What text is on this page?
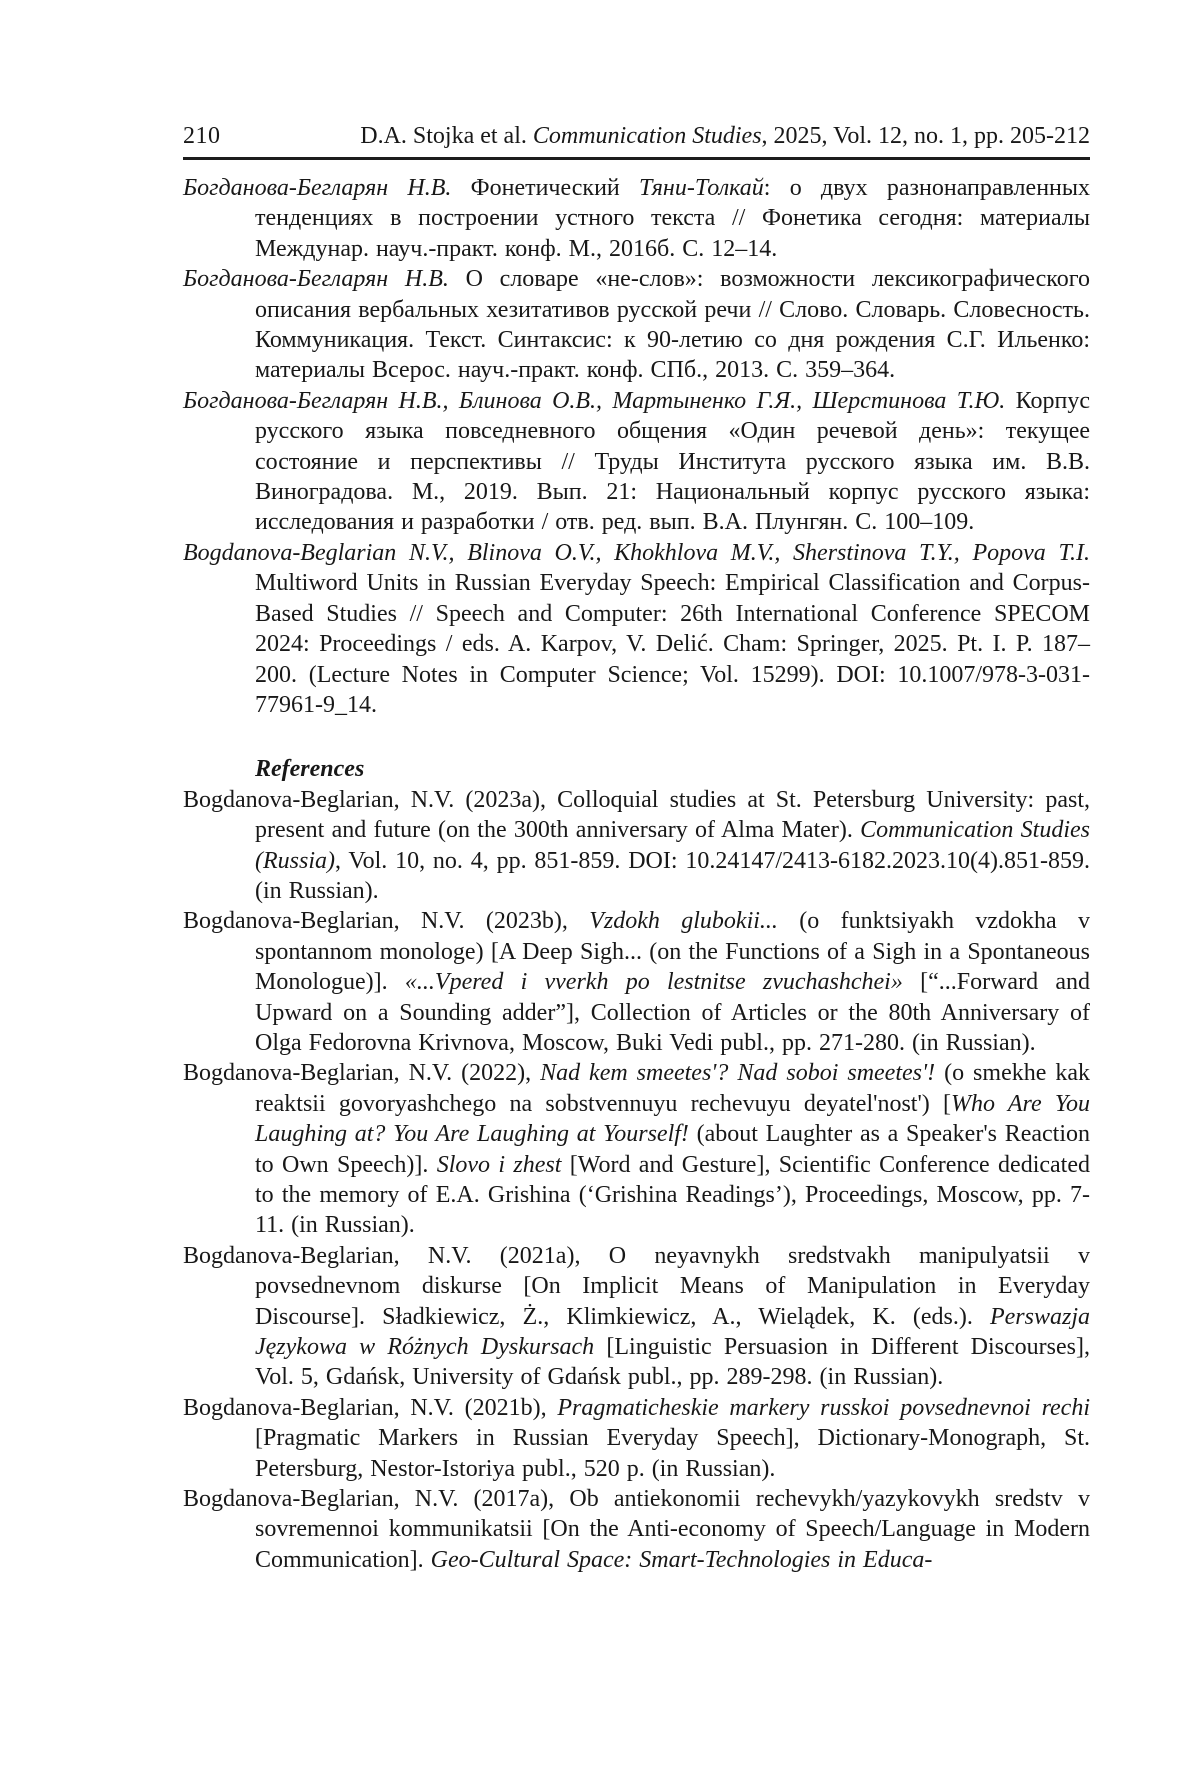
210	D.A. Stojka et al. Communication Studies, 2025, Vol. 12, no. 1, pp. 205-212

Богданова-Бегларян Н.В. Фонетический Тяни-Толкай: о двух разнонаправленных тенденциях в построении устного текста // Фонетика сегодня: материалы Междунар. науч.-практ. конф. М., 2016б. С. 12–14.

Богданова-Бегларян Н.В. О словаре «не-слов»: возможности лексикографического описания вербальных хезитативов русской речи // Слово. Словарь. Словесность. Коммуникация. Текст. Синтаксис: к 90-летию со дня рождения С.Г. Ильенко: материалы Всерос. науч.-практ. конф. СПб., 2013. С. 359–364.

Богданова-Бегларян Н.В., Блинова О.В., Мартыненко Г.Я., Шерстинова Т.Ю. Корпус русского языка повседневного общения «Один речевой день»: текущее состояние и перспективы // Труды Института русского языка им. В.В. Виноградова. М., 2019. Вып. 21: Национальный корпус русского языка: исследования и разработки / отв. ред. вып. В.А. Плунгян. С. 100–109.

Bogdanova-Beglarian N.V., Blinova O.V., Khokhlova M.V., Sherstinova T.Y., Popova T.I. Multiword Units in Russian Everyday Speech: Empirical Classification and Corpus-Based Studies // Speech and Computer: 26th International Conference SPECOM 2024: Proceedings / eds. A. Karpov, V. Delić. Cham: Springer, 2025. Pt. I. P. 187–200. (Lecture Notes in Computer Science; Vol. 15299). DOI: 10.1007/978-3-031-77961-9_14.

References

Bogdanova-Beglarian, N.V. (2023a), Colloquial studies at St. Petersburg University: past, present and future (on the 300th anniversary of Alma Mater). Communication Studies (Russia), Vol. 10, no. 4, pp. 851-859. DOI: 10.24147/2413-6182.2023.10(4).851-859. (in Russian).

Bogdanova-Beglarian, N.V. (2023b), Vzdokh glubokii... (o funktsiyakh vzdokha v spontannom monologe) [A Deep Sigh... (on the Functions of a Sigh in a Spontaneous Monologue)]. «...Vpered i vverkh po lestnitse zvuchashchei» [“...Forward and Upward on a Sounding adder”], Collection of Articles or the 80th Anniversary of Olga Fedorovna Krivnova, Moscow, Buki Vedi publ., pp. 271-280. (in Russian).

Bogdanova-Beglarian, N.V. (2022), Nad kem smeetes'? Nad soboi smeetes'! (o smekhe kak reaktsii govoryashchego na sobstvennuyu rechevuyu deyatel'nost') [Who Are You Laughing at? You Are Laughing at Yourself! (about Laughter as a Speaker's Reaction to Own Speech)]. Slovo i zhest [Word and Gesture], Scientific Conference dedicated to the memory of E.A. Grishina (‘Grishina Readings’), Proceedings, Moscow, pp. 7-11. (in Russian).

Bogdanova-Beglarian, N.V. (2021a), O neyavnykh sredstvakh manipulyatsii v povsednevnom diskurse [On Implicit Means of Manipulation in Everyday Discourse]. Sładkiewicz, Ż., Klimkiewicz, A., Wielądek, K. (eds.). Perswazja Językowa w Różnych Dyskursach [Linguistic Persuasion in Different Discourses], Vol. 5, Gdańsk, University of Gdańsk publ., pp. 289-298. (in Russian).

Bogdanova-Beglarian, N.V. (2021b), Pragmaticheskie markery russkoi povsednevnoi rechi [Pragmatic Markers in Russian Everyday Speech], Dictionary-Monograph, St. Petersburg, Nestor-Istoriya publ., 520 p. (in Russian).

Bogdanova-Beglarian, N.V. (2017a), Ob antiekonomii rechevykh/yazykovykh sredstv v sovremennoi kommunikatsii [On the Anti-economy of Speech/Language in Modern Communication]. Geo-Cultural Space: Smart-Technologies in Educa-
